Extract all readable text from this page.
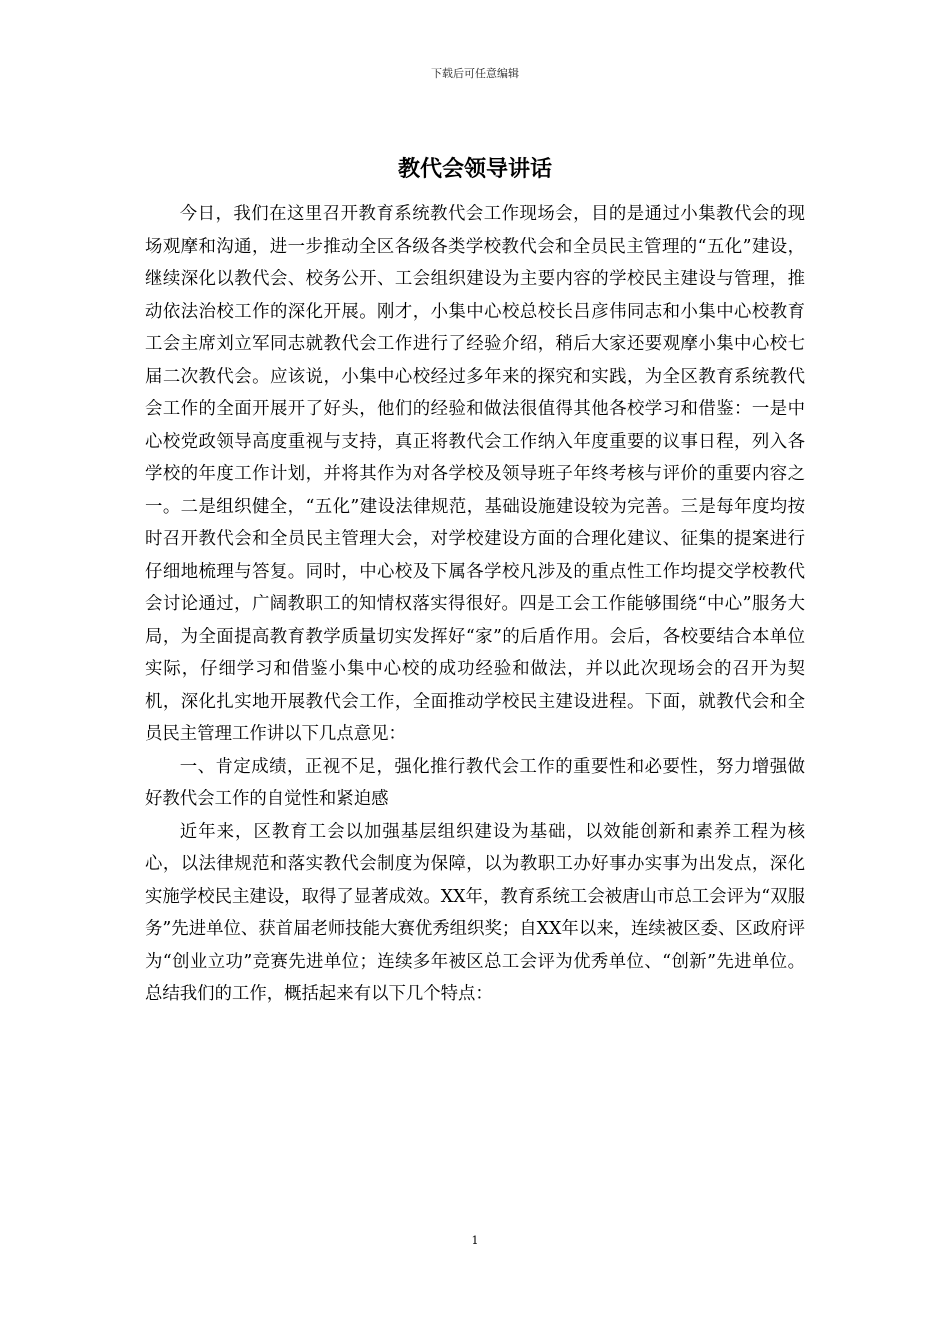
下载后可任意编辑
教代会领导讲话

今日，我们在这里召开教育系统教代会工作现场会，目的是通过小集教代会的现场观摩和沟通，进一步推动全区各级各类学校教代会和全员民主管理的“五化”建设，继续深化以教代会、校务公开、工会组织建设为主要内容的学校民主建设与管理，推动依法治校工作的深化开展。刚才，小集中心校总校长吕彦伟同志和小集中心校教育工会主席刘立军同志就教代会工作进行了经验介绍，稍后大家还要观摩小集中心校七届二次教代会。应该说，小集中心校经过多年来的探究和实践，为全区教育系统教代会工作的全面开展开了好头，他们的经验和做法很值得其他各校学习和借鉴：一是中心校党政领导高度重视与支持，真正将教代会工作纳入年度重要的议事日程，列入各学校的年度工作计划，并将其作为对各学校及领导班子年终考核与评价的重要内容之一。二是组织健全，“五化”建设法律规范，基础设施建设较为完善。三是每年度均按时召开教代会和全员民主管理大会，对学校建设方面的合理化建议、征集的提案进行仔细地梳理与答复。同时，中心校及下属各学校凡涉及的重点性工作均提交学校教代会讨论通过，广阔教职工的知情权落实得很好。四是工会工作能够围绕“中心”服务大局，为全面提高教育教学质量切实发挥好“家”的后盾作用。会后，各校要结合本单位实际，仔细学习和借鉴小集中心校的成功经验和做法，并以此次现场会的召开为契机，深化扎实地开展教代会工作，全面推动学校民主建设进程。下面，就教代会和全员民主管理工作讲以下几点意见：

一、肯定成绩，正视不足，强化推行教代会工作的重要性和必要性，努力增强做好教代会工作的自觉性和紧迫感

近年来，区教育工会以加强基层组织建设为基础，以效能创新和素养工程为核心，以法律规范和落实教代会制度为保障，以为教职工办好事办实事为出发点，深化实施学校民主建设，取得了显著成效。XX年，教育系统工会被唐山市总工会评为“双服务”先进单位、获首届老师技能大赛优秀组织奖；自XX年以来，连续被区委、区政府评为“创业立功”竞赛先进单位；连续多年被区总工会评为优秀单位、“创新”先进单位。总结我们的工作，概括起来有以下几个特点：

1
